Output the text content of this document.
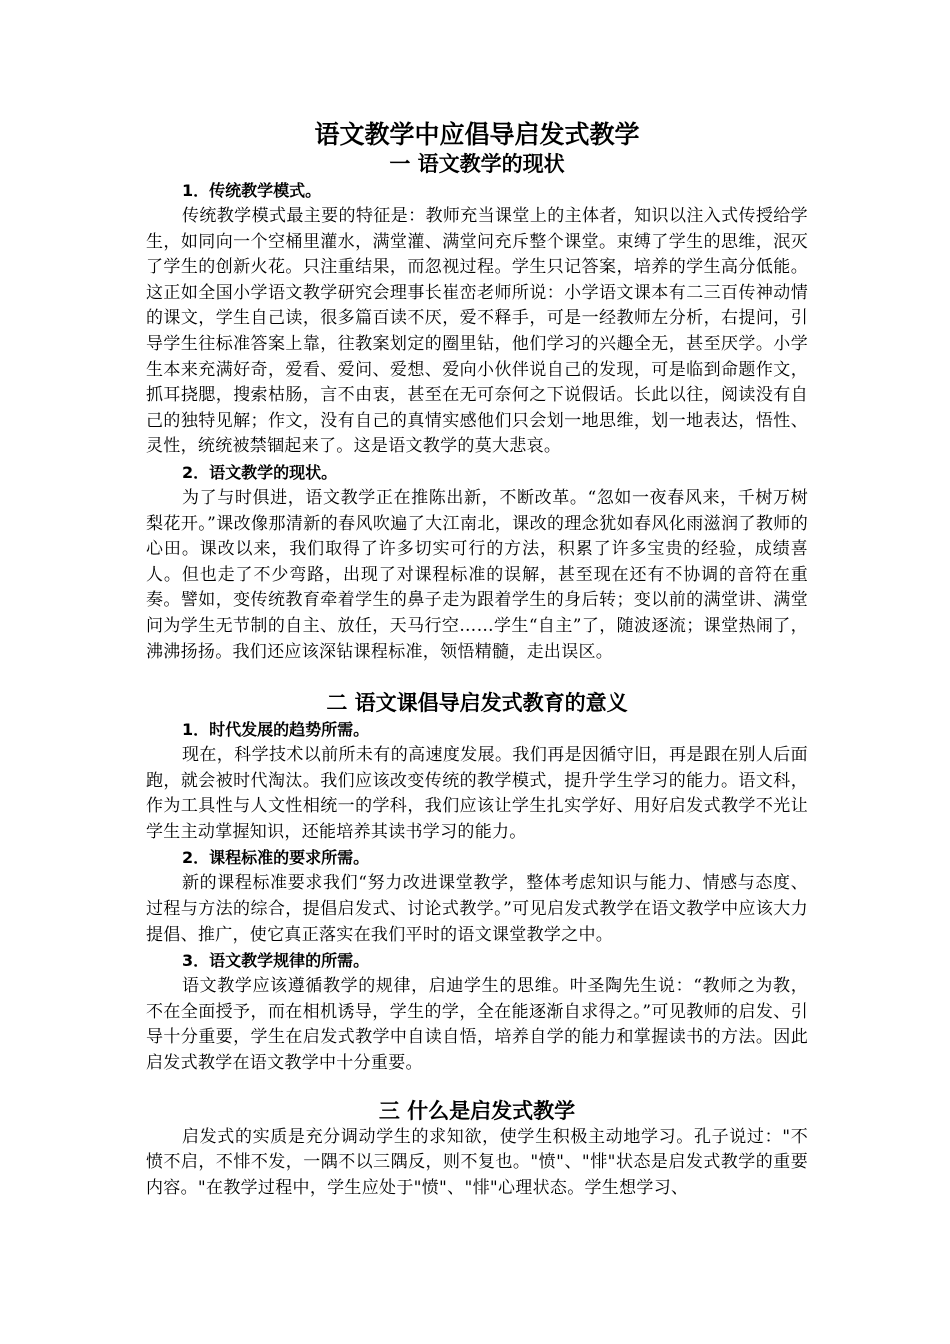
语文教学中应倡导启发式教学
一 语文教学的现状

1．传统教学模式。

传统教学模式最主要的特征是：教师充当课堂上的主体者，知识以注入式传授给学生，如同向一个空桶里灌水，满堂灌、满堂问充斥整个课堂。束缚了学生的思维，泯灭了学生的创新火花。只注重结果，而忽视过程。学生只记答案，培养的学生高分低能。这正如全国小学语文教学研究会理事长崔峦老师所说：小学语文课本有二三百传神动情的课文，学生自己读，很多篇百读不厌，爱不释手，可是一经教师左分析，右提问，引导学生往标准答案上靠，往教案划定的圈里钻，他们学习的兴趣全无，甚至厌学。小学生本来充满好奇，爱看、爱问、爱想、爱向小伙伴说自己的发现，可是临到命题作文，抓耳挠腮，搜索枯肠，言不由衷，甚至在无可奈何之下说假话。长此以往，阅读没有自己的独特见解；作文，没有自己的真情实感他们只会划一地思维，划一地表达，悟性、灵性，统统被禁锢起来了。这是语文教学的莫大悲哀。

2．语文教学的现状。

为了与时俱进，语文教学正在推陈出新，不断改革。“忽如一夜春风来，千树万树梨花开。”课改像那清新的春风吹遍了大江南北，课改的理念犹如春风化雨滋润了教师的心田。课改以来，我们取得了许多切实可行的方法，积累了许多宝贵的经验，成绩喜人。但也走了不少弯路，出现了对课程标准的误解，甚至现在还有不协调的音符在重奏。譬如，变传统教育牵着学生的鼻子走为跟着学生的身后转；变以前的满堂讲、满堂问为学生无节制的自主、放任，天马行空……学生“自主”了，随波逐流；课堂热闹了，沸沸扬扬。我们还应该深钻课程标准，领悟精髓，走出误区。

二 语文课倡导启发式教育的意义

1．时代发展的趋势所需。

现在，科学技术以前所未有的高速度发展。我们再是因循守旧，再是跟在别人后面跑，就会被时代淘汰。我们应该改变传统的教学模式，提升学生学习的能力。语文科，作为工具性与人文性相统一的学科，我们应该让学生扎实学好、用好启发式教学不光让学生主动掌握知识，还能培养其读书学习的能力。

2．课程标准的要求所需。

新的课程标准要求我们“努力改进课堂教学，整体考虑知识与能力、情感与态度、过程与方法的综合，提倡启发式、讨论式教学。”可见启发式教学在语文教学中应该大力提倡、推广，使它真正落实在我们平时的语文课堂教学之中。

3．语文教学规律的所需。

语文教学应该遵循教学的规律，启迪学生的思维。叶圣陶先生说：“教师之为教，不在全面授予，而在相机诱导，学生的学，全在能逐渐自求得之。”可见教师的启发、引导十分重要，学生在启发式教学中自读自悟，培养自学的能力和掌握读书的方法。因此启发式教学在语文教学中十分重要。

三 什么是启发式教学

启发式的实质是充分调动学生的求知欲，使学生积极主动地学习。孔子说过："不愤不启，不悱不发，一隅不以三隅反，则不复也。"愤"、"悱"状态是启发式教学的重要内容。"在教学过程中，学生应处于"愤"、"悱"心理状态。学生想学习、
